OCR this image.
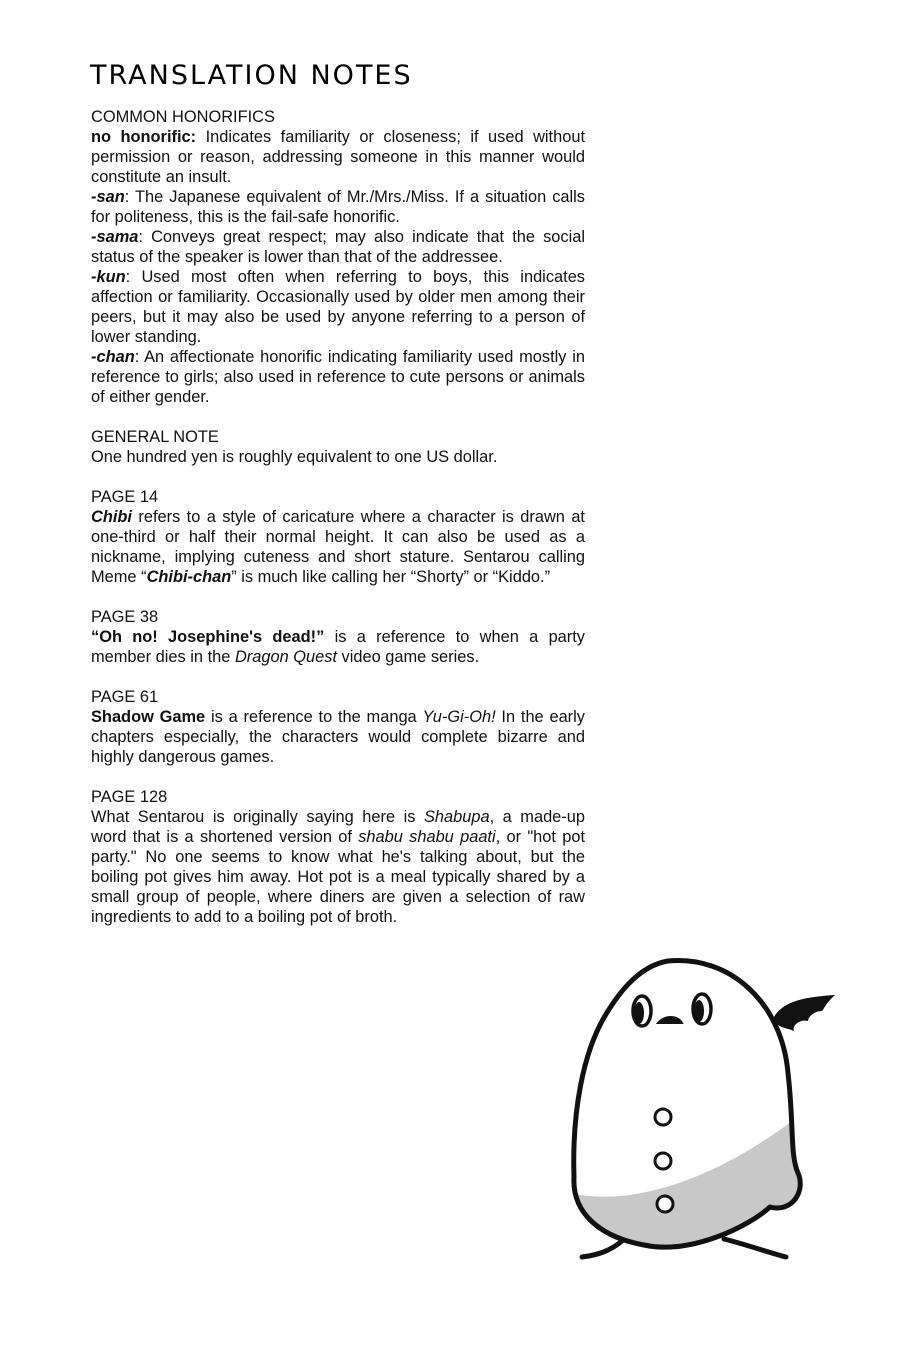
TRANSLATION NOTES
COMMON HONORIFICS

no honorific: Indicates familiarity or closeness; if used without permission or reason, addressing someone in this manner would constitute an insult.

-san: The Japanese equivalent of Mr./Mrs./Miss. If a situation calls for politeness, this is the fail-safe honorific.

-sama: Conveys great respect; may also indicate that the social status of the speaker is lower than that of the addressee.

-kun: Used most often when referring to boys, this indicates affection or familiarity. Occasionally used by older men among their peers, but it may also be used by anyone referring to a person of lower standing.

-chan: An affectionate honorific indicating familiarity used mostly in reference to girls; also used in reference to cute persons or animals of either gender.

GENERAL NOTE

One hundred yen is roughly equivalent to one US dollar.

PAGE 14

Chibi refers to a style of caricature where a character is drawn at one-third or half their normal height. It can also be used as a nickname, implying cuteness and short stature. Sentarou calling Meme “Chibi-chan” is much like calling her “Shorty” or “Kiddo.”

PAGE 38

“Oh no! Josephine's dead!” is a reference to when a party member dies in the Dragon Quest video game series.

PAGE 61

Shadow Game is a reference to the manga Yu-Gi-Oh! In the early chapters especially, the characters would complete bizarre and highly dangerous games.

PAGE 128

What Sentarou is originally saying here is Shabupa, a made-up word that is a shortened version of shabu shabu paati, or "hot pot party." No one seems to know what he's talking about, but the boiling pot gives him away. Hot pot is a meal typically shared by a small group of people, where diners are given a selection of raw ingredients to add to a boiling pot of broth.
